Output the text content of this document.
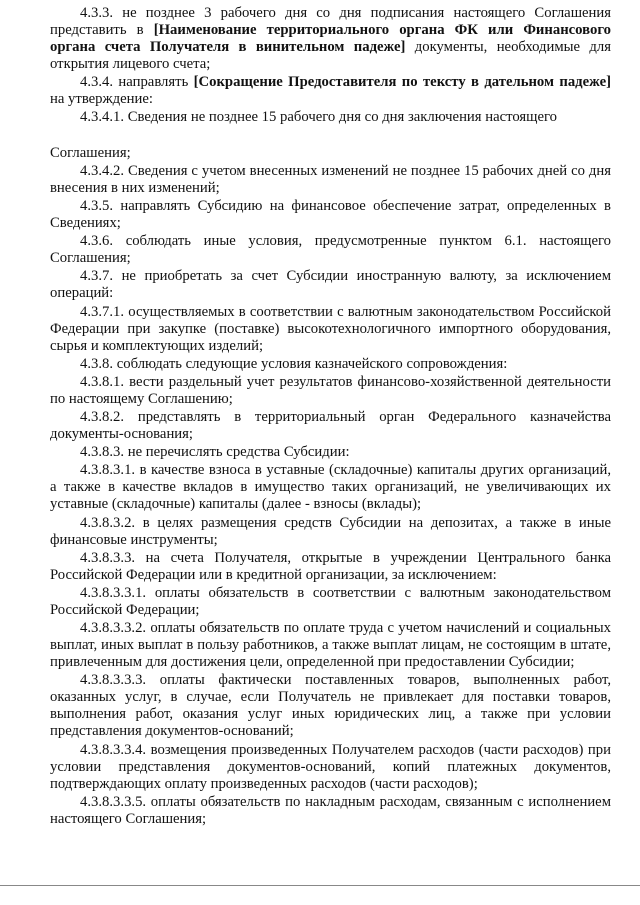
4.3.3. не позднее 3 рабочего дня со дня подписания настоящего Соглашения представить в [Наименование территориального органа ФК или Финансового органа счета Получателя в винительном падеже] документы, необходимые для открытия лицевого счета;

4.3.4. направлять [Сокращение Предоставителя по тексту в дательном падеже] на утверждение:

4.3.4.1. Сведения не позднее 15 рабочего дня со дня заключения настоящего

Соглашения;

4.3.4.2. Сведения с учетом внесенных изменений не позднее 15 рабочих дней со дня внесения в них изменений;

4.3.5. направлять Субсидию на финансовое обеспечение затрат, определенных в Сведениях;

4.3.6. соблюдать иные условия, предусмотренные пунктом 6.1. настоящего Соглашения;

4.3.7. не приобретать за счет Субсидии иностранную валюту, за исключением операций:

4.3.7.1. осуществляемых в соответствии с валютным законодательством Российской Федерации при закупке (поставке) высокотехнологичного импортного оборудования, сырья и комплектующих изделий;

4.3.8. соблюдать следующие условия казначейского сопровождения:

4.3.8.1. вести раздельный учет результатов финансово-хозяйственной деятельности по настоящему Соглашению;

4.3.8.2. представлять в территориальный орган Федерального казначейства документы-основания;

4.3.8.3. не перечислять средства Субсидии:

4.3.8.3.1. в качестве взноса в уставные (складочные) капиталы других организаций, а также в качестве вкладов в имущество таких организаций, не увеличивающих их уставные (складочные) капиталы (далее - взносы (вклады);

4.3.8.3.2. в целях размещения средств Субсидии на депозитах, а также в иные финансовые инструменты;

4.3.8.3.3. на счета Получателя, открытые в учреждении Центрального банка Российской Федерации или в кредитной организации, за исключением:

4.3.8.3.3.1. оплаты обязательств в соответствии с валютным законодательством Российской Федерации;

4.3.8.3.3.2. оплаты обязательств по оплате труда с учетом начислений и социальных выплат, иных выплат в пользу работников, а также выплат лицам, не состоящим в штате, привлеченным для достижения цели, определенной при предоставлении Субсидии;

4.3.8.3.3.3. оплаты фактически поставленных товаров, выполненных работ, оказанных услуг, в случае, если Получатель не привлекает для поставки товаров, выполнения работ, оказания услуг иных юридических лиц, а также при условии представления документов-оснований;

4.3.8.3.3.4. возмещения произведенных Получателем расходов (части расходов) при условии представления документов-оснований, копий платежных документов, подтверждающих оплату произведенных расходов (части расходов);

4.3.8.3.3.5. оплаты обязательств по накладным расходам, связанным с исполнением настоящего Соглашения;
